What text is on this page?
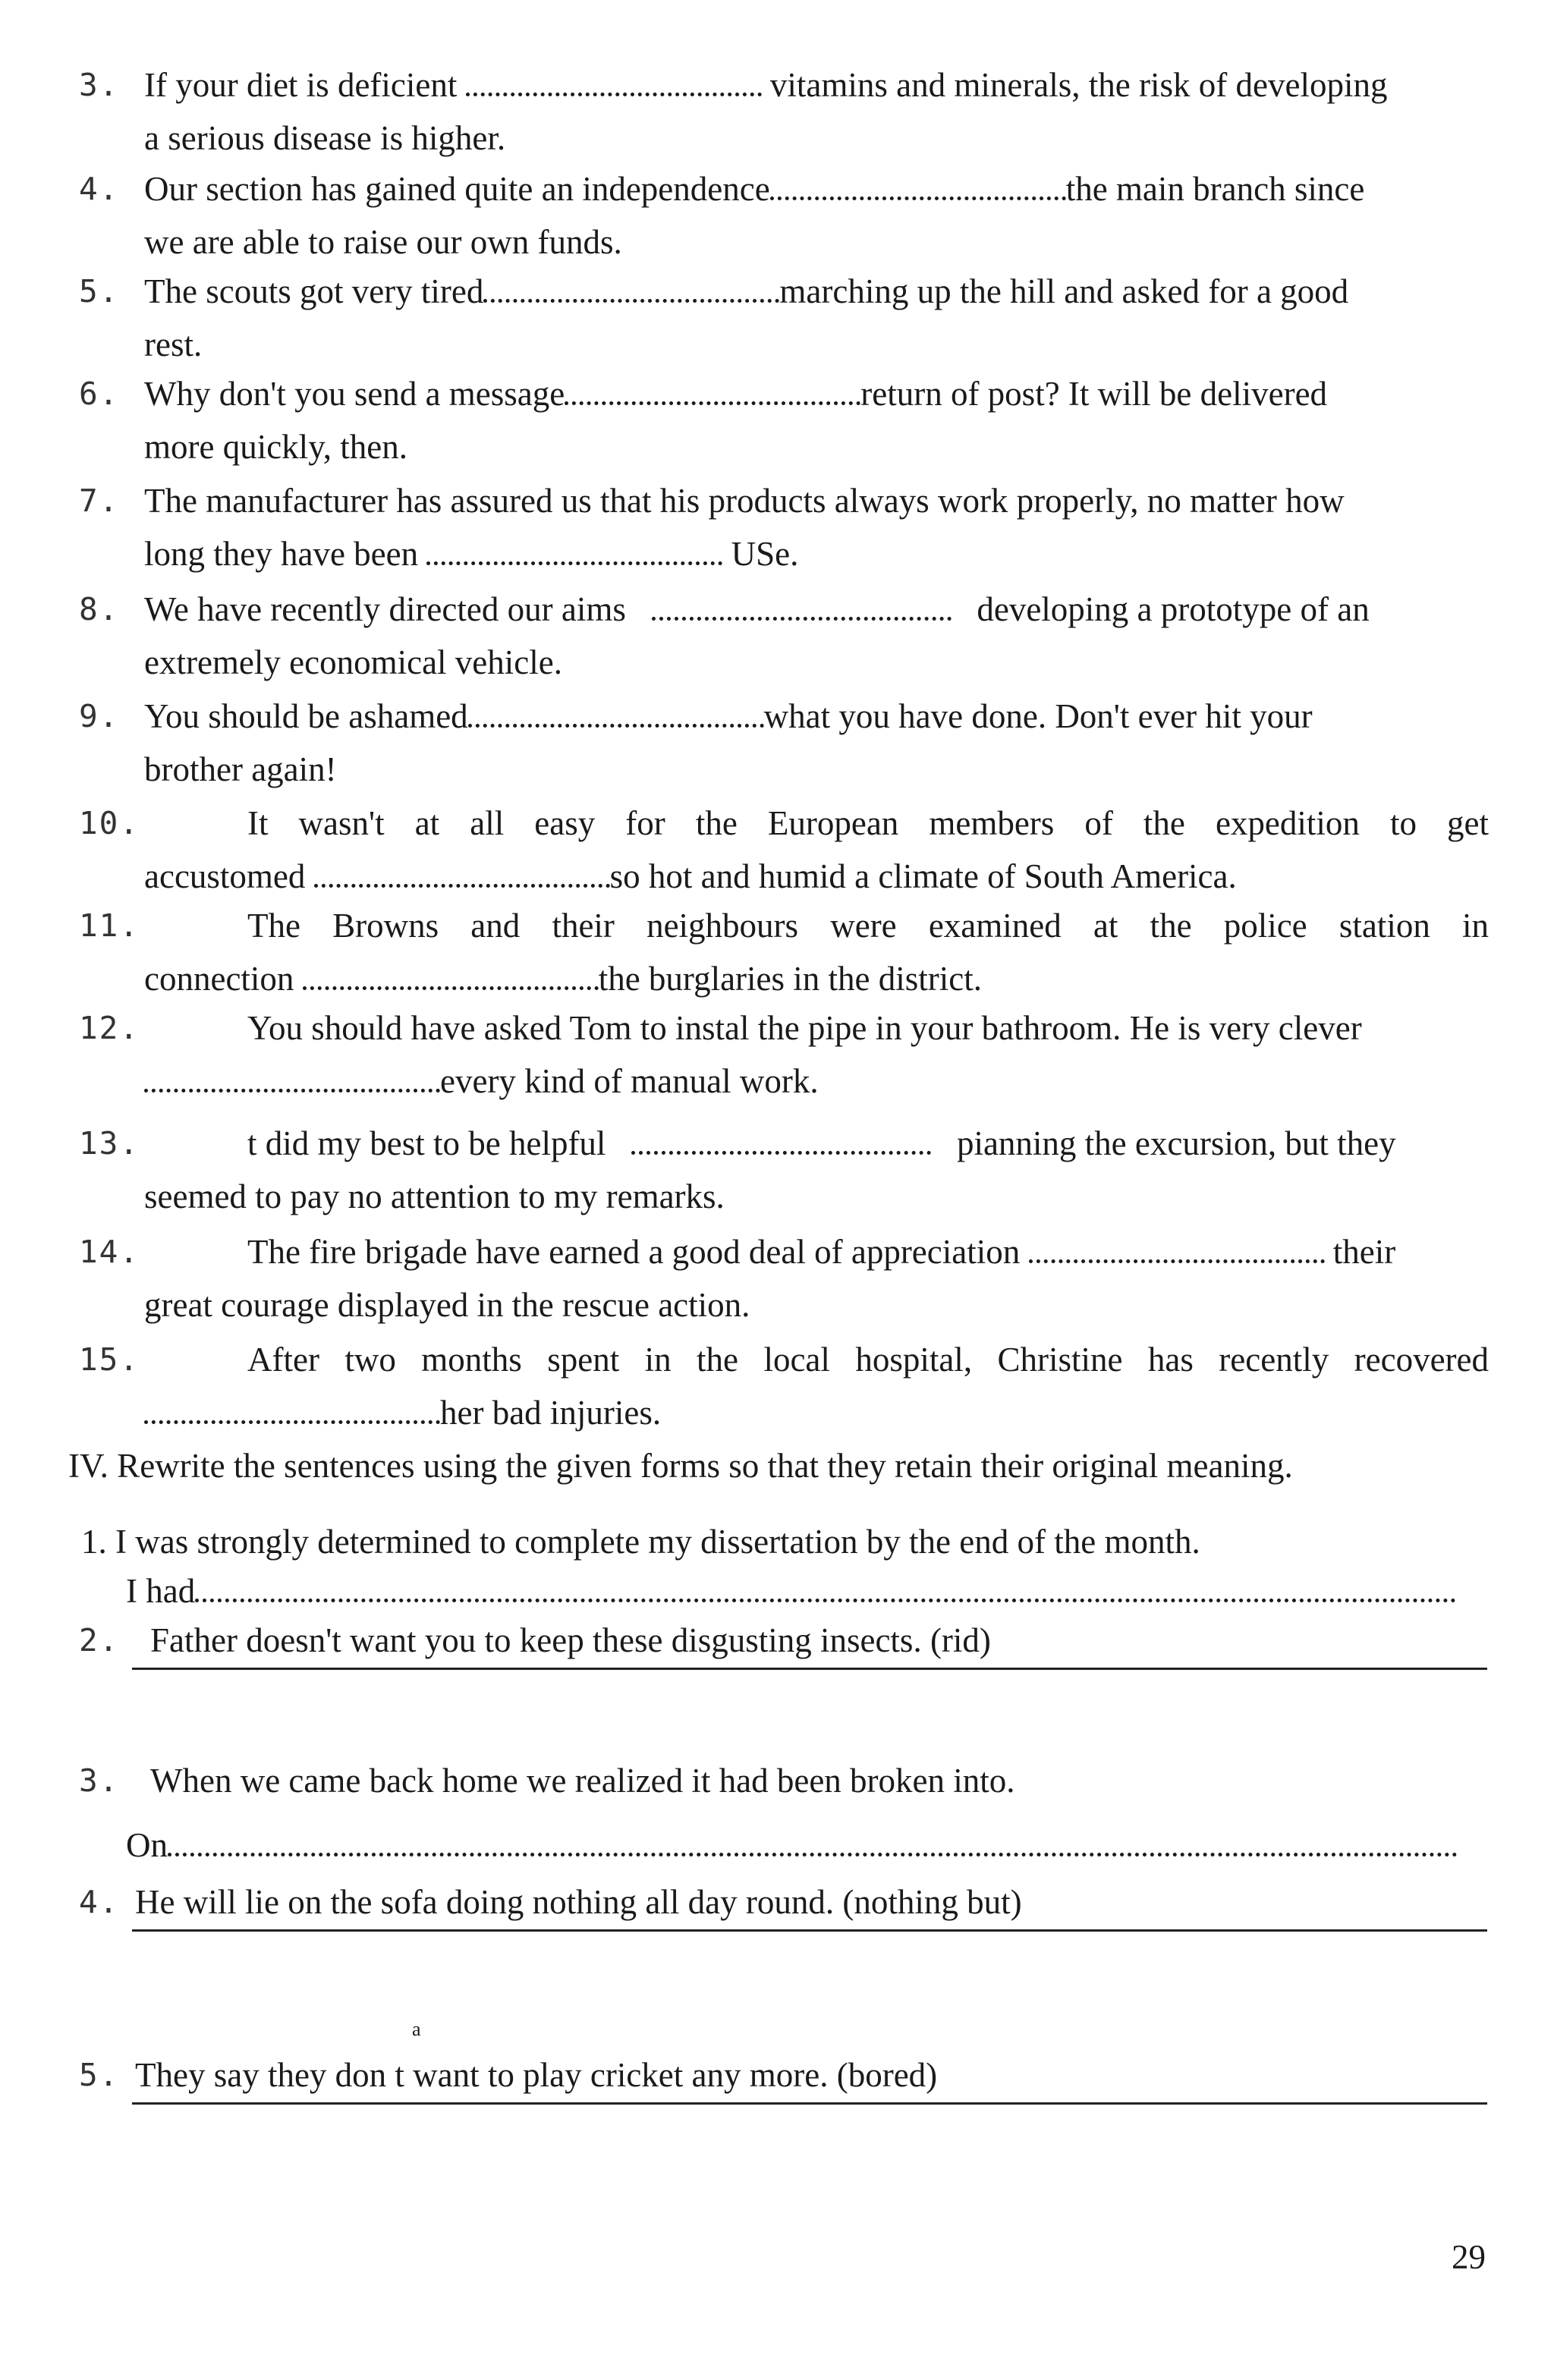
3. If your diet is deficient	vitamins and minerals, the risk of developing
a serious disease is higher.
4. Our section has gained quite an independence	the main branch since
we are able to raise our own funds.
5. The scouts got very tired	marching up the hill and asked for a good
rest.
6. Why don't you send a message	return of post? It will be delivered
more quickly, then.
7. The manufacturer has assured us that his products always work properly, no matter how
long they have been	USe.
8. We have recently directed our aims	developing a prototype of an
extremely economical vehicle.
9. You should be ashamed	what you have done. Don't ever hit your
brother again!
10.	It wasn't at all easy for the European members of the expedition to get
accustomed	so hot and humid a climate of South America.
11.	The Browns and their neighbours were examined at the police station in
connection	the burglaries in the district.
12.	You should have asked Tom to instal the pipe in your bathroom. He is very clever
every kind of manual work.
13.	t did my best to be helpful	pianning the excursion, but they
seemed to pay no attention to my remarks.
14.	The fire brigade have earned a good deal of appreciation	their
great courage displayed in the rescue action.
15.	After two months spent in the local hospital, Christine has recently recovered
her bad injuries.
IV. Rewrite the sentences using the given forms so that they retain their original meaning.
1. I was strongly determined to complete my dissertation by the end of the month.
I had
2. Father doesn't want you to keep these disgusting insects. (rid)
3. When we came back home we realized it had been broken into.
On
4. He will lie on the sofa doing nothing all day round. (nothing but)
a
5. They say they don t want to play cricket any more. (bored)
29
